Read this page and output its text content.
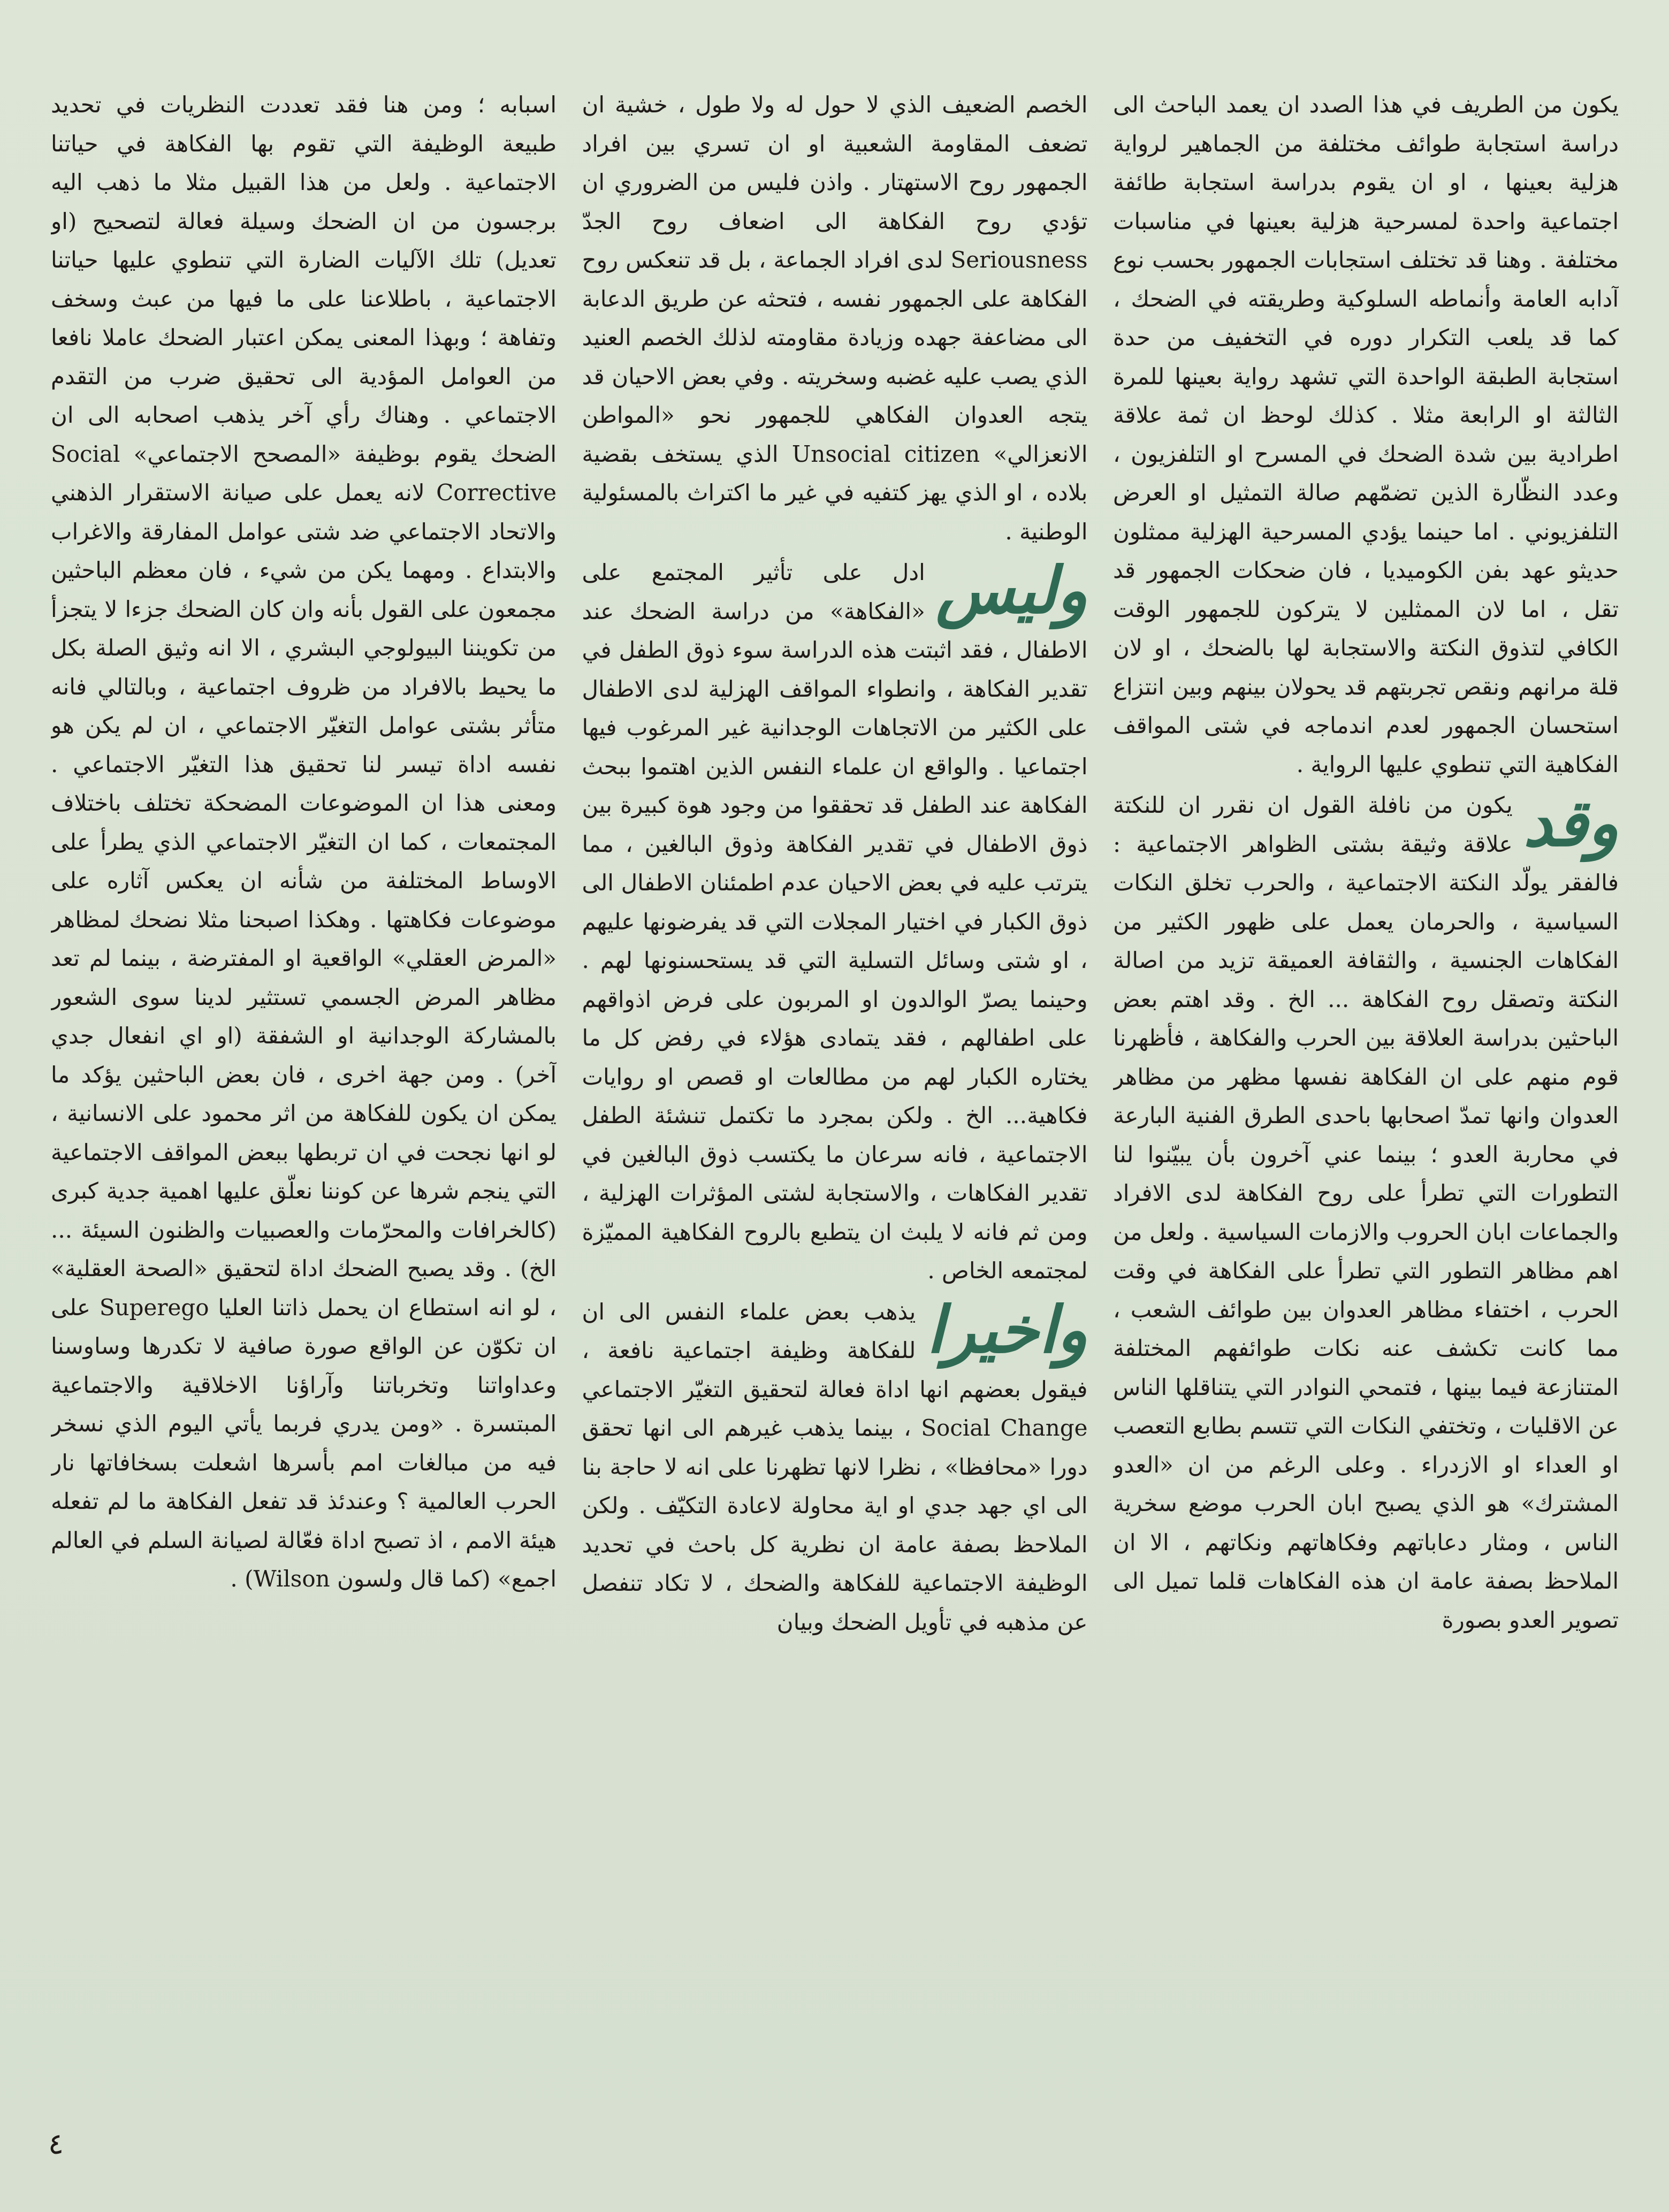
يكون من الطريف في هذا الصدد ان يعمد الباحث الى دراسة استجابة طوائف مختلفة من الجماهير لرواية هزلية بعينها ، او ان يقوم بدراسة استجابة طائفة اجتماعية واحدة لمسرحية هزلية بعينها في مناسبات مختلفة . وهنا قد تختلف استجابات الجمهور بحسب نوع آدابه العامة وأنماطه السلوكية وطريقته في الضحك ، كما قد يلعب التكرار دوره في التخفيف من حدة استجابة الطبقة الواحدة التي تشهد رواية بعينها للمرة الثالثة او الرابعة مثلا . كذلك لوحظ ان ثمة علاقة اطرادية بين شدة الضحك في المسرح او التلفزيون ، وعدد النظّارة الذين تضمّهم صالة التمثيل او العرض التلفزيوني . اما حينما يؤدي المسرحية الهزلية ممثلون حديثو عهد بفن الكوميديا ، فان ضحكات الجمهور قد تقل ، اما لان الممثلين لا يتركون للجمهور الوقت الكافي لتذوق النكتة والاستجابة لها بالضحك ، او لان قلة مرانهم ونقص تجربتهم قد يحولان بينهم وبين انتزاع استحسان الجمهور لعدم اندماجه في شتى المواقف الفكاهية التي تنطوي عليها الرواية .

وقد
يكون من نافلة القول ان نقرر ان للنكتة علاقة وثيقة بشتى الظواهر الاجتماعية : فالفقر يولّد النكتة الاجتماعية ، والحرب تخلق النكات السياسية ، والحرمان يعمل على ظهور الكثير من الفكاهات الجنسية ، والثقافة العميقة تزيد من اصالة النكتة وتصقل روح الفكاهة ... الخ . وقد اهتم بعض الباحثين بدراسة العلاقة بين الحرب والفكاهة ، فأظهرنا قوم منهم على ان الفكاهة نفسها مظهر من مظاهر العدوان وانها تمدّ اصحابها باحدى الطرق الفنية البارعة في محاربة العدو ؛ بينما عني آخرون بأن يبيّنوا لنا التطورات التي تطرأ على روح الفكاهة لدى الافراد والجماعات ابان الحروب والازمات السياسية . ولعل من اهم مظاهر التطور التي تطرأ على الفكاهة في وقت الحرب ، اختفاء مظاهر العدوان بين طوائف الشعب ، مما كانت تكشف عنه نكات طوائفهم المختلفة المتنازعة فيما بينها ، فتمحي النوادر التي يتناقلها الناس عن الاقليات ، وتختفي النكات التي تتسم بطابع التعصب او العداء او الازدراء . وعلى الرغم من ان «العدو المشترك» هو الذي يصبح ابان الحرب موضع سخرية الناس ، ومثار دعاباتهم وفكاهاتهم ونكاتهم ، الا ان الملاحظ بصفة عامة ان هذه الفكاهات قلما تميل الى تصوير العدو بصورة

الخصم الضعيف الذي لا حول له ولا طول ، خشية ان تضعف المقاومة الشعبية او ان تسري بين افراد الجمهور روح الاستهتار . واذن فليس من الضروري ان تؤدي روح الفكاهة الى اضعاف روح الجدّ Seriousness لدى افراد الجماعة ، بل قد تنعكس روح الفكاهة على الجمهور نفسه ، فتحثه عن طريق الدعابة الى مضاعفة جهده وزيادة مقاومته لذلك الخصم العنيد الذي يصب عليه غضبه وسخريته . وفي بعض الاحيان قد يتجه العدوان الفكاهي للجمهور نحو «المواطن الانعزالي» Unsocial citizen الذي يستخف بقضية بلاده ، او الذي يهز كتفيه في غير ما اكتراث بالمسئولية الوطنية .

وليس
ادل على تأثير المجتمع على «الفكاهة» من دراسة الضحك عند الاطفال ، فقد اثبتت هذه الدراسة سوء ذوق الطفل في تقدير الفكاهة ، وانطواء المواقف الهزلية لدى الاطفال على الكثير من الاتجاهات الوجدانية غير المرغوب فيها اجتماعيا . والواقع ان علماء النفس الذين اهتموا ببحث الفكاهة عند الطفل قد تحققوا من وجود هوة كبيرة بين ذوق الاطفال في تقدير الفكاهة وذوق البالغين ، مما يترتب عليه في بعض الاحيان عدم اطمئنان الاطفال الى ذوق الكبار في اختيار المجلات التي قد يفرضونها عليهم ، او شتى وسائل التسلية التي قد يستحسنونها لهم . وحينما يصرّ الوالدون او المربون على فرض اذواقهم على اطفالهم ، فقد يتمادى هؤلاء في رفض كل ما يختاره الكبار لهم من مطالعات او قصص او روايات فكاهية... الخ . ولكن بمجرد ما تكتمل تنشئة الطفل الاجتماعية ، فانه سرعان ما يكتسب ذوق البالغين في تقدير الفكاهات ، والاستجابة لشتى المؤثرات الهزلية ، ومن ثم فانه لا يلبث ان يتطبع بالروح الفكاهية المميّزة لمجتمعه الخاص .

واخيرا
يذهب بعض علماء النفس الى ان للفكاهة وظيفة اجتماعية نافعة ، فيقول بعضهم انها اداة فعالة لتحقيق التغيّر الاجتماعي Social Change ، بينما يذهب غيرهم الى انها تحقق دورا «محافظا» ، نظرا لانها تظهرنا على انه لا حاجة بنا الى اي جهد جدي او اية محاولة لاعادة التكيّف . ولكن الملاحظ بصفة عامة ان نظرية كل باحث في تحديد الوظيفة الاجتماعية للفكاهة والضحك ، لا تكاد تنفصل عن مذهبه في تأويل الضحك وبيان

اسبابه ؛ ومن هنا فقد تعددت النظريات في تحديد طبيعة الوظيفة التي تقوم بها الفكاهة في حياتنا الاجتماعية . ولعل من هذا القبيل مثلا ما ذهب اليه برجسون من ان الضحك وسيلة فعالة لتصحيح (او تعديل) تلك الآليات الضارة التي تنطوي عليها حياتنا الاجتماعية ، باطلاعنا على ما فيها من عبث وسخف وتفاهة ؛ وبهذا المعنى يمكن اعتبار الضحك عاملا نافعا من العوامل المؤدية الى تحقيق ضرب من التقدم الاجتماعي . وهناك رأي آخر يذهب اصحابه الى ان الضحك يقوم بوظيفة «المصحح الاجتماعي» Social Corrective لانه يعمل على صيانة الاستقرار الذهني والاتحاد الاجتماعي ضد شتى عوامل المفارقة والاغراب والابتداع . ومهما يكن من شيء ، فان معظم الباحثين مجمعون على القول بأنه وان كان الضحك جزءا لا يتجزأ من تكويننا البيولوجي البشري ، الا انه وثيق الصلة بكل ما يحيط بالافراد من ظروف اجتماعية ، وبالتالي فانه متأثر بشتى عوامل التغيّر الاجتماعي ، ان لم يكن هو نفسه اداة تيسر لنا تحقيق هذا التغيّر الاجتماعي . ومعنى هذا ان الموضوعات المضحكة تختلف باختلاف المجتمعات ، كما ان التغيّر الاجتماعي الذي يطرأ على الاوساط المختلفة من شأنه ان يعكس آثاره على موضوعات فكاهتها . وهكذا اصبحنا مثلا نضحك لمظاهر «المرض العقلي» الواقعية او المفترضة ، بينما لم تعد مظاهر المرض الجسمي تستثير لدينا سوى الشعور بالمشاركة الوجدانية او الشفقة (او اي انفعال جدي آخر) . ومن جهة اخرى ، فان بعض الباحثين يؤكد ما يمكن ان يكون للفكاهة من اثر محمود على الانسانية ، لو انها نجحت في ان تربطها ببعض المواقف الاجتماعية التي ينجم شرها عن كوننا نعلّق عليها اهمية جدية كبرى (كالخرافات والمحرّمات والعصبيات والظنون السيئة ... الخ) . وقد يصبح الضحك اداة لتحقيق «الصحة العقلية» ، لو انه استطاع ان يحمل ذاتنا العليا Superego على ان تكوّن عن الواقع صورة صافية لا تكدرها وساوسنا وعداواتنا وتخرباتنا وآراؤنا الاخلاقية والاجتماعية المبتسرة . «ومن يدري فربما يأتي اليوم الذي نسخر فيه من مبالغات امم بأسرها اشعلت بسخافاتها نار الحرب العالمية ؟ وعندئذ قد تفعل الفكاهة ما لم تفعله هيئة الامم ، اذ تصبح اداة فعّالة لصيانة السلم في العالم اجمع» (كما قال ولسون Wilson) .

٤
